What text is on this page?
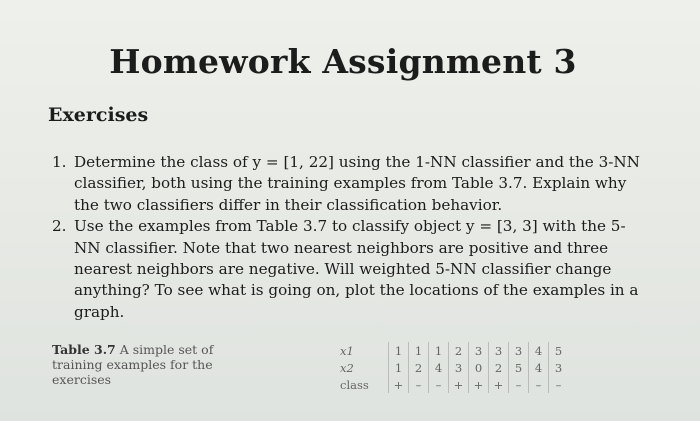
Homework Assignment 3
Exercises
1. Determine the class of y = [1, 22] using the 1-NN classifier and the 3-NN classifier, both using the training examples from Table 3.7. Explain why the two classifiers differ in their classification behavior.
2. Use the examples from Table 3.7 to classify object y = [3, 3] with the 5-NN classifier. Note that two nearest neighbors are positive and three nearest neighbors are negative. Will weighted 5-NN classifier change anything? To see what is going on, plot the locations of the examples in a graph.
Table 3.7 A simple set of training examples for the exercises
x1	1	1	1	2	3	3	3	4	5
x2	1	2	4	3	0	2	5	4	3
class	+	–	–	+	+	+	–	–	–
